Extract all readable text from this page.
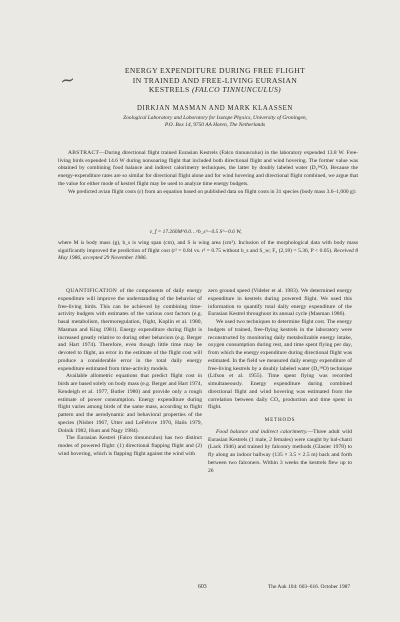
~	ENERGY EXPENDITURE DURING FREE FLIGHT
IN TRAINED AND FREE-LIVING EURASIAN
KESTRELS (FALCO TINNUNCULUS)
DIRKJAN MASMAN AND MARK KLAASSEN
Zoological Laboratory and Laboratory for Isotope Physics, University of Groningen,
P.O. Box 14, 9750 AA Haren, The Netherlands

ABSTRACT—During directional flight trained Eurasian Kestrels (Falco tinnunculus) in the laboratory expended 13.8 W. Free-living birds expended 14.6 W during nonsoaring flight that included both directional flight and wind hovering. The former value was obtained by combining food balance and indirect calorimetry techniques, the latter by doubly labeled water (D₂¹⁸O). Because the energy-expenditure rates are so similar for directional flight alone and for wind hovering and directional flight combined, we argue that the value for either mode of kestrel flight may be used to analyze time energy budgets.

We predicted avian flight costs (ε) from an equation based on published data on flight costs in 31 species (body mass 3.6–1,000 g):

ε_f = 17.260M^0.0…^b_s^−0.5 S^−0.6 W,
where M is body mass (g), b_s is wing span (cm), and S is wing area (cm²). Inclusion of the morphological data with body mass significantly improved the prediction of flight cost (r² = 0.84 vs. r² = 0.75 without b_s and S_w; F₂ (2,18) = 5.36, P < 0.05). Received 8 May 1986, accepted 29 November 1986.

QUANTIFICATION of the components of daily energy expenditure will improve the understanding of the behavior of free-living birds. This can be achieved by combining time-activity budgets with estimates of the various cost factors (e.g. basal metabolism, thermoregulation, flight, Koplin et al. 1980, Masman and King 1981). Energy expenditure during flight is increased greatly relative to during other behaviors (e.g. Berger and Hart 1974). Therefore, even though little time may be devoted to flight, an error in the estimate of the flight cost will produce a considerable error in the total daily energy expenditure estimated from time-activity models.

Available allometric equations that predict flight cost in birds are based solely on body mass (e.g. Berger and Hart 1974, Kendeigh et al. 1977, Butler 1980) and provide only a rough estimate of power consumption. Energy expenditure during flight varies among birds of the same mass, according to flight pattern and the aerodynamic and behavioral properties of the species (Nisbet 1967, Utter and LeFebvre 1970, Hails 1979, Dolnik 1982, Hunt and Nagy 1984).

The Eurasian Kestrel (Falco tinnunculus) has two distinct modes of powered flight: (1) directional flapping flight and (2) wind hovering, which is flapping flight against the wind with

zero ground speed (Videler et al. 1983). We determined energy expenditure in kestrels during powered flight. We used this information to quantify total daily energy expenditure of the Eurasian Kestrel throughout its annual cycle (Masman 1986).

We used two techniques to determine flight cost. The energy budgets of trained, free-flying kestrels in the laboratory were reconstructed by monitoring daily metabolizable energy intake, oxygen consumption during rest, and time spent flying per day, from which the energy expenditure during directional flight was estimated. In the field we measured daily energy expenditure of free-living kestrels by a doubly labeled water (D₂¹⁸O) technique (Lifson et al. 1955). Time spent flying was recorded simultaneously. Energy expenditure during combined directional flight and wind hovering was estimated from the correlation between daily CO₂ production and time spent in flight.

METHODS

Food balance and indirect calorimetry.—Three adult wild Eurasian Kestrels (1 male, 2 females) were caught by bal-chatri (Lack 1946) and trained by falconry methods (Glasier 1978) to fly along an indoor hallway (135 × 3.5 × 2.5 m) back and forth between two falconers. Within 3 weeks the kestrels flew up to 26

603	The Auk 104: 603–616. October 1987
